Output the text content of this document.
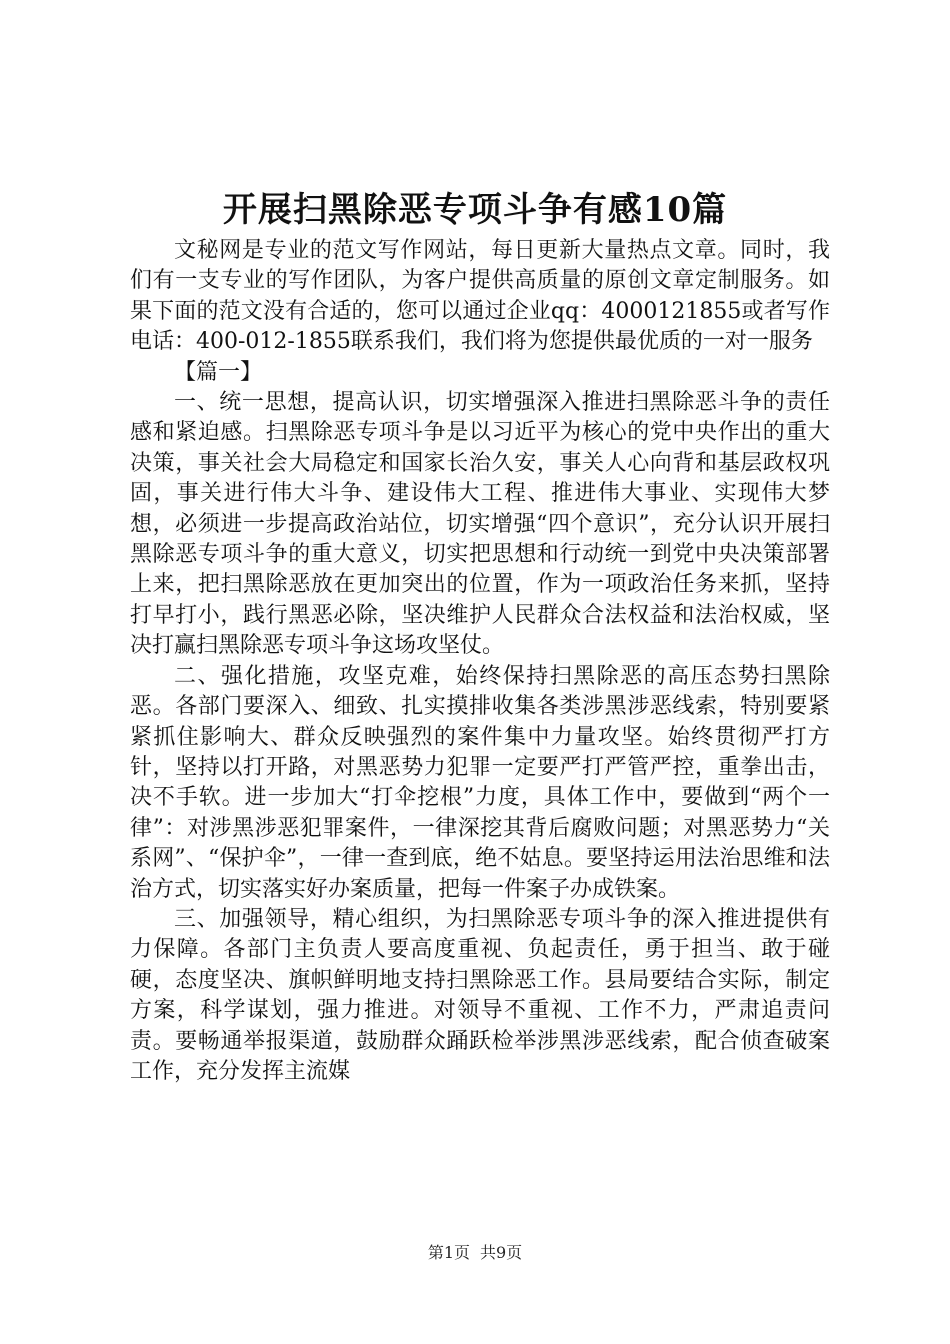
开展扫黑除恶专项斗争有感10篇

文秘网是专业的范文写作网站，每日更新大量热点文章。同时，我们有一支专业的写作团队，为客户提供高质量的原创文章定制服务。如果下面的范文没有合适的，您可以通过企业qq：4000121855或者写作电话：400-012-1855联系我们，我们将为您提供最优质的一对一服务

【篇一】

一、统一思想，提高认识，切实增强深入推进扫黑除恶斗争的责任感和紧迫感。扫黑除恶专项斗争是以习近平为核心的党中央作出的重大决策，事关社会大局稳定和国家长治久安，事关人心向背和基层政权巩固，事关进行伟大斗争、建设伟大工程、推进伟大事业、实现伟大梦想，必须进一步提高政治站位，切实增强“四个意识”，充分认识开展扫黑除恶专项斗争的重大意义，切实把思想和行动统一到党中央决策部署上来，把扫黑除恶放在更加突出的位置，作为一项政治任务来抓，坚持打早打小，践行黑恶必除，坚决维护人民群众合法权益和法治权威，坚决打赢扫黑除恶专项斗争这场攻坚仗。

二、强化措施，攻坚克难，始终保持扫黑除恶的高压态势扫黑除恶。各部门要深入、细致、扎实摸排收集各类涉黑涉恶线索，特别要紧紧抓住影响大、群众反映强烈的案件集中力量攻坚。始终贯彻严打方针，坚持以打开路，对黑恶势力犯罪一定要严打严管严控，重拳出击，决不手软。进一步加大“打伞挖根”力度，具体工作中，要做到“两个一律”：对涉黑涉恶犯罪案件，一律深挖其背后腐败问题；对黑恶势力“关系网”、“保护伞”，一律一查到底，绝不姑息。要坚持运用法治思维和法治方式，切实落实好办案质量，把每一件案子办成铁案。

三、加强领导，精心组织，为扫黑除恶专项斗争的深入推进提供有力保障。各部门主负责人要高度重视、负起责任，勇于担当、敢于碰硬，态度坚决、旗帜鲜明地支持扫黑除恶工作。县局要结合实际，制定方案，科学谋划，强力推进。对领导不重视、工作不力，严肃追责问责。要畅通举报渠道，鼓励群众踊跃检举涉黑涉恶线索，配合侦查破案工作，充分发挥主流媒

第1页 共9页
